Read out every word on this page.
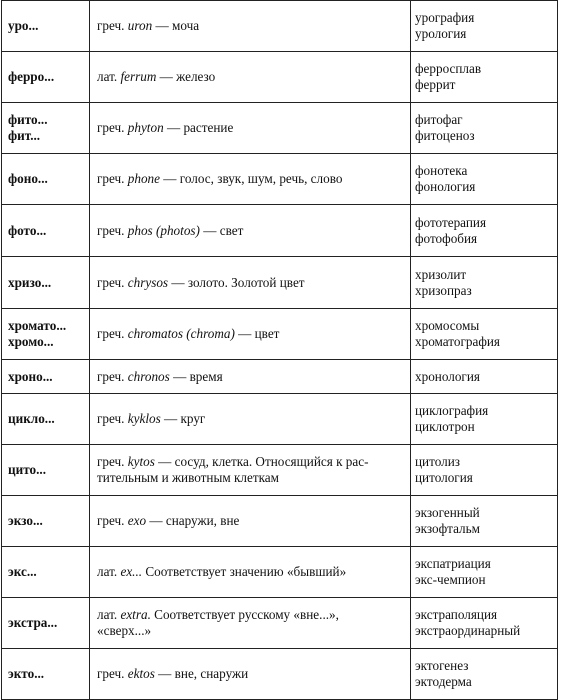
уро...	греч. uron — моча	урография
урология

ферро...	лат. ferrum — железо	ферросплав
феррит

фито...
фит...	греч. phyton — растение	фитофаг
фитоценоз

фоно...	греч. phone — голос, звук, шум, речь, слово	фонотека
фонология

фото...	греч. phos (photos) — свет	фототерапия
фотофобия

хризо...	греч. chrysos — золото. Золотой цвет	хризолит
хризопраз

хромато...
хромо...	греч. chromatos (chroma) — цвет	хромосомы
хроматография

хроно...	греч. chronos — время	хронология

цикло...	греч. kyklos — круг	циклография
циклотрон

цито...	греч. kytos — сосуд, клетка. Относящийся к рас-
тительным и животным клеткам	цитолиз
цитология

экзо...	греч. exo — снаружи, вне	экзогенный
экзофтальм

экс...	лат. ex... Соответствует значению «бывший»	экспатриация
экс-чемпион

экстра...	лат. extra. Соответствует русскому «вне...»,
«сверх...»	экстраполяция
экстраординарный

экто...	греч. ektos — вне, снаружи	эктогенез
эктодерма
